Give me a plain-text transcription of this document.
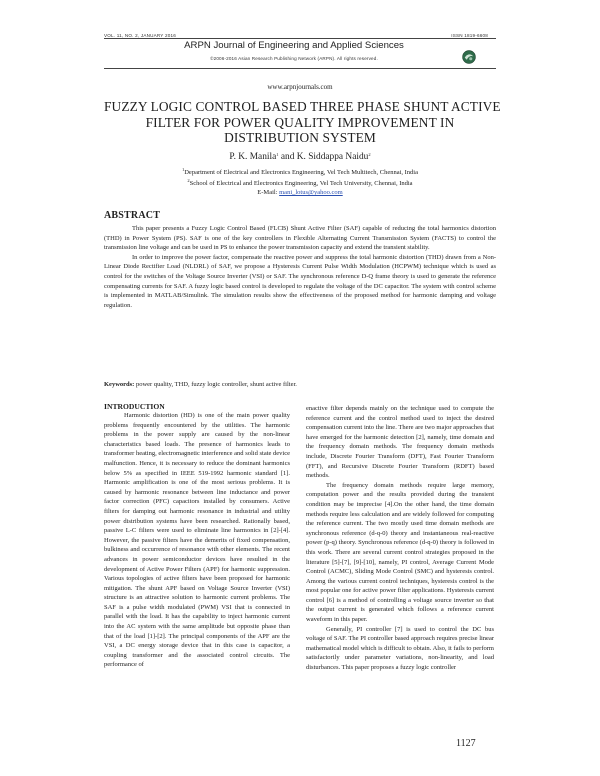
VOL. 11, NO. 2, JANUARY 2016	ISSN 1819-6608
ARPN Journal of Engineering and Applied Sciences
©2006-2016 Asian Research Publishing Network (ARPN). All rights reserved.
www.arpnjournals.com
FUZZY LOGIC CONTROL BASED THREE PHASE SHUNT ACTIVE
FILTER FOR POWER QUALITY IMPROVEMENT IN
DISTRIBUTION SYSTEM
P. K. Manila$^1$ and K. Siddappa Naidu$^2$
$^1$Department of Electrical and Electronics Engineering, Vel Tech Multitech, Chennai, India
$^2$School of Electrical and Electronics Engineering, Vel Tech University, Chennai, India
E-Mail: mani_lotus@yahoo.com
ABSTRACT

This paper presents a Fuzzy Logic Control Based (FLCB) Shunt Active Filter (SAF) capable of reducing the total harmonics distortion (THD) in Power System (PS). SAF is one of the key controllers in Flexible Alternating Current Transmission System (FACTS) to control the transmission line voltage and can be used in PS to enhance the power transmission capacity and extend the transient stability.

In order to improve the power factor, compensate the reactive power and suppress the total harmonic distortion (THD) drawn from a Non-Linear Diode Rectifier Load (NLDRL) of SAF, we propose a Hysteresis Current Pulse Width Modulation (HCPWM) technique which is used as control for the switches of the Voltage Source Inverter (VSI) or SAF. The synchronous reference D-Q frame theory is used to generate the reference compensating currents for SAF. A fuzzy logic based control is developed to regulate the voltage of the DC capacitor. The system with control scheme is implemented in MATLAB/Simulink. The simulation results show the effectiveness of the proposed method for harmonic damping and voltage regulation.

Keywords: power quality, THD, fuzzy logic controller, shunt active filter.
INTRODUCTION

Harmonic distortion (HD) is one of the main power quality problems frequently encountered by the utilities. The harmonic problems in the power supply are caused by the non-linear characteristics based loads. The presence of harmonics leads to transformer heating, electromagnetic interference and solid state device malfunction. Hence, it is necessary to reduce the dominant harmonics below 5% as specified in IEEE 519-1992 harmonic standard [1]. Harmonic amplification is one of the most serious problems. It is caused by harmonic resonance between line inductance and power factor correction (PFC) capacitors installed by consumers. Active filters for damping out harmonic resonance in industrial and utility power distribution systems have been researched. Rationally based, passive L-C filters were used to eliminate line harmonics in [2]-[4]. However, the passive filters have the demerits of fixed compensation, bulkiness and occurrence of resonance with other elements. The recent advances in power semiconductor devices have resulted in the development of Active Power Filters (APF) for harmonic suppression. Various topologies of active filters have been proposed for harmonic mitigation. The shunt APF based on Voltage Source Inverter (VSI) structure is an attractive solution to harmonic current problems. The SAF is a pulse width modulated (PWM) VSI that is connected in parallel with the load. It has the capability to inject harmonic current into the AC system with the same amplitude but opposite phase than that of the load [1]-[2]. The principal components of the APF are the VSI, a DC energy storage device that in this case is capacitor, a coupling transformer and the associated control circuits. The performance of

enactive filter depends mainly on the technique used to compute the reference current and the control method used to inject the desired compensation current into the line. There are two major approaches that have emerged for the harmonic detection [2], namely, time domain and the frequency domain methods. The frequency domain methods include, Discrete Fourier Transform (DFT), Fast Fourier Transform (FFT), and Recursive Discrete Fourier Transform (RDFT) based methods.

The frequency domain methods require large memory, computation power and the results provided during the transient condition may be imprecise [4].On the other hand, the time domain methods require less calculation and are widely followed for computing the reference current. The two mostly used time domain methods are synchronous reference (d-q-0) theory and instantaneous real-reactive power (p-q) theory. Synchronous reference (d-q-0) theory is followed in this work. There are several current control strategies proposed in the literature [5]-[7], [9]-[10], namely, PI control, Average Current Mode Control (ACMC), Sliding Mode Control (SMC) and hysteresis control. Among the various current control techniques, hysteresis control is the most popular one for active power filter applications. Hysteresis current control [6] is a method of controlling a voltage source inverter so that the output current is generated which follows a reference current waveform in this paper.

Generally, PI controller [7] is used to control the DC bus voltage of SAF. The PI controller based approach requires precise linear mathematical model which is difficult to obtain. Also, it fails to perform satisfactorily under parameter variations, non-linearity, and load disturbances. This paper proposes a fuzzy logic controller

1127
